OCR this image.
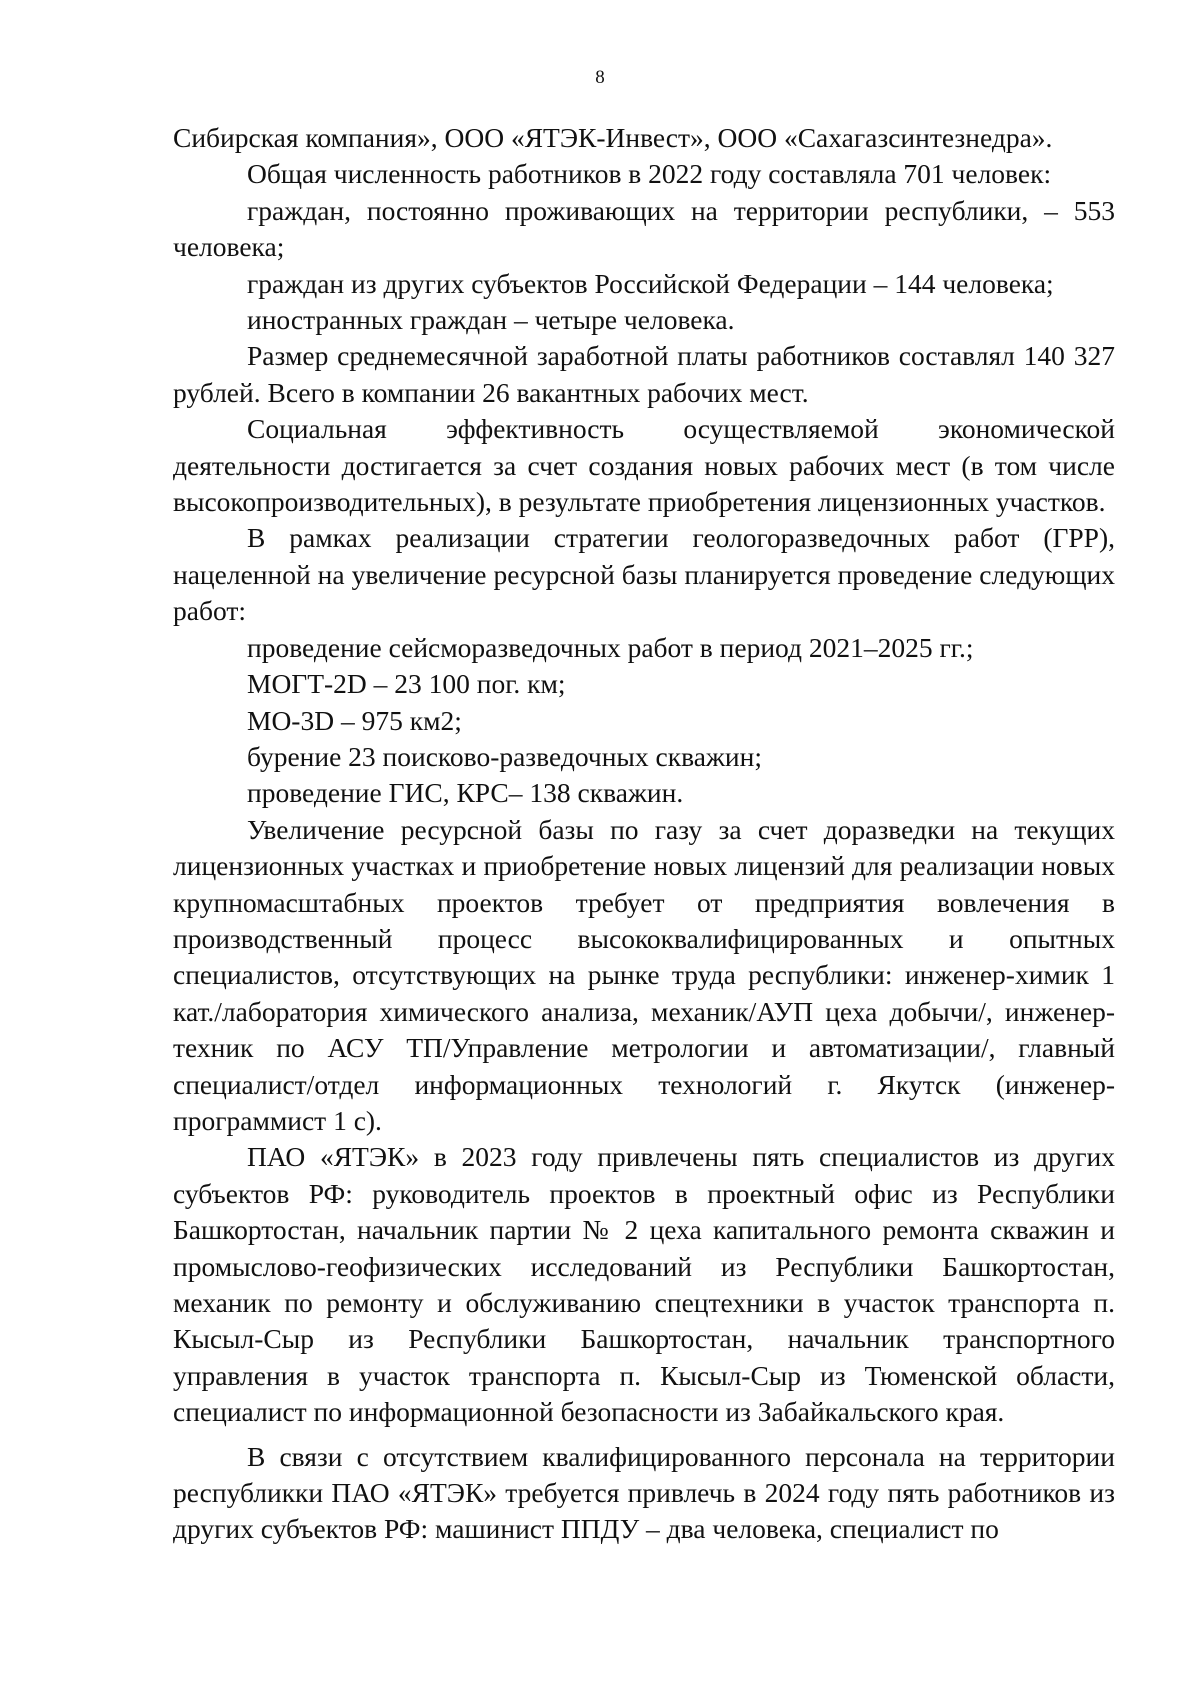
8

Сибирская компания», ООО «ЯТЭК-Инвест», ООО «Сахагазсинтезнедра».

Общая численность работников в 2022 году составляла 701 человек:

граждан, постоянно проживающих на территории республики, – 553 человека;

граждан из других субъектов Российской Федерации – 144 человека;

иностранных граждан – четыре человека.

Размер среднемесячной заработной платы работников составлял 140 327 рублей. Всего в компании 26 вакантных рабочих мест.

Социальная эффективность осуществляемой экономической деятельности достигается за счет создания новых рабочих мест (в том числе высокопроизводительных), в результате приобретения лицензионных участков.

В рамках реализации стратегии геологоразведочных работ (ГРР), нацеленной на увеличение ресурсной базы планируется проведение следующих работ:

проведение сейсморазведочных работ в период 2021–2025 гг.;

МОГТ-2D – 23 100 пог. км;

МО-3D – 975 км2;

бурение 23 поисково-разведочных скважин;

проведение ГИС, КРС– 138 скважин.

Увеличение ресурсной базы по газу за счет доразведки на текущих лицензионных участках и приобретение новых лицензий для реализации новых крупномасштабных проектов требует от предприятия вовлечения в производственный процесс высококвалифицированных и опытных специалистов, отсутствующих на рынке труда республики: инженер-химик 1 кат./лаборатория химического анализа, механик/АУП цеха добычи/, инженер-техник по АСУ ТП/Управление метрологии и автоматизации/, главный специалист/отдел информационных технологий г. Якутск (инженер-программист 1 с).

ПАО «ЯТЭК» в 2023 году привлечены пять специалистов из других субъектов РФ: руководитель проектов в проектный офис из Республики Башкортостан, начальник партии № 2 цеха капитального ремонта скважин и промыслово-геофизических исследований из Республики Башкортостан, механик по ремонту и обслуживанию спецтехники в участок транспорта п. Кысыл-Сыр из Республики Башкортостан, начальник транспортного управления в участок транспорта п. Кысыл-Сыр из Тюменской области, специалист по информационной безопасности из Забайкальского края.

В связи с отсутствием квалифицированного персонала на территории республикки ПАО «ЯТЭК» требуется привлечь в 2024 году пять работников из других субъектов РФ: машинист ППДУ – два человека, специалист по
